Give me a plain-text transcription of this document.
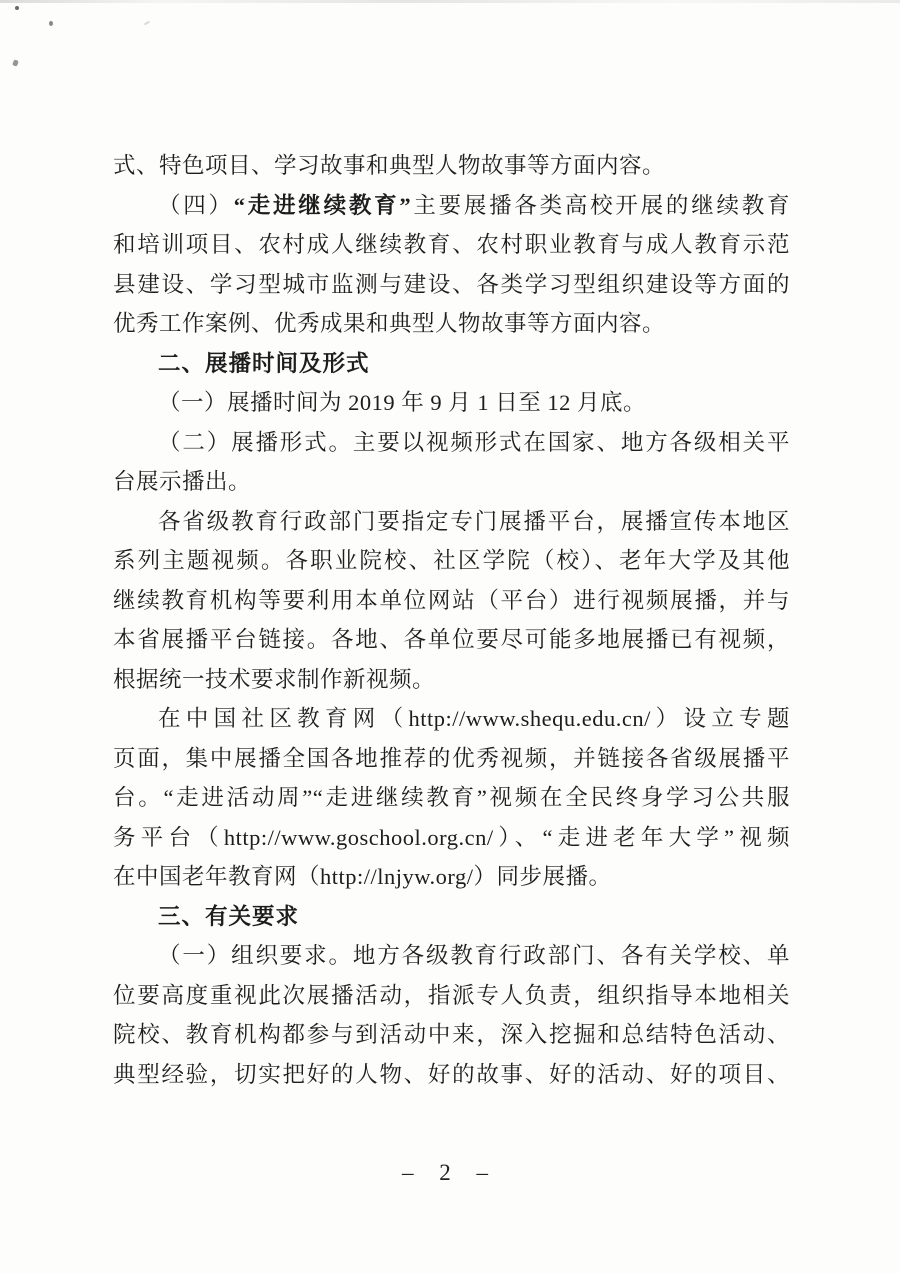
式、特色项目、学习故事和典型人物故事等方面内容。
（四）“走进继续教育”主要展播各类高校开展的继续教育
和培训项目、农村成人继续教育、农村职业教育与成人教育示范
县建设、学习型城市监测与建设、各类学习型组织建设等方面的
优秀工作案例、优秀成果和典型人物故事等方面内容。
二、展播时间及形式
（一）展播时间为 2019 年 9 月 1 日至 12 月底。
（二）展播形式。主要以视频形式在国家、地方各级相关平
台展示播出。
各省级教育行政部门要指定专门展播平台，展播宣传本地区
系列主题视频。各职业院校、社区学院（校）、老年大学及其他
继续教育机构等要利用本单位网站（平台）进行视频展播，并与
本省展播平台链接。各地、各单位要尽可能多地展播已有视频，
根据统一技术要求制作新视频。
在中国社区教育网（http://www.shequ.edu.cn/）设立专题
页面，集中展播全国各地推荐的优秀视频，并链接各省级展播平
台。“走进活动周”“走进继续教育”视频在全民终身学习公共服
务平台（http://www.goschool.org.cn/）、“走进老年大学”视频
在中国老年教育网（http://lnjyw.org/）同步展播。
三、有关要求
（一）组织要求。地方各级教育行政部门、各有关学校、单
位要高度重视此次展播活动，指派专人负责，组织指导本地相关
院校、教育机构都参与到活动中来，深入挖掘和总结特色活动、
典型经验，切实把好的人物、好的故事、好的活动、好的项目、
– 2 –
